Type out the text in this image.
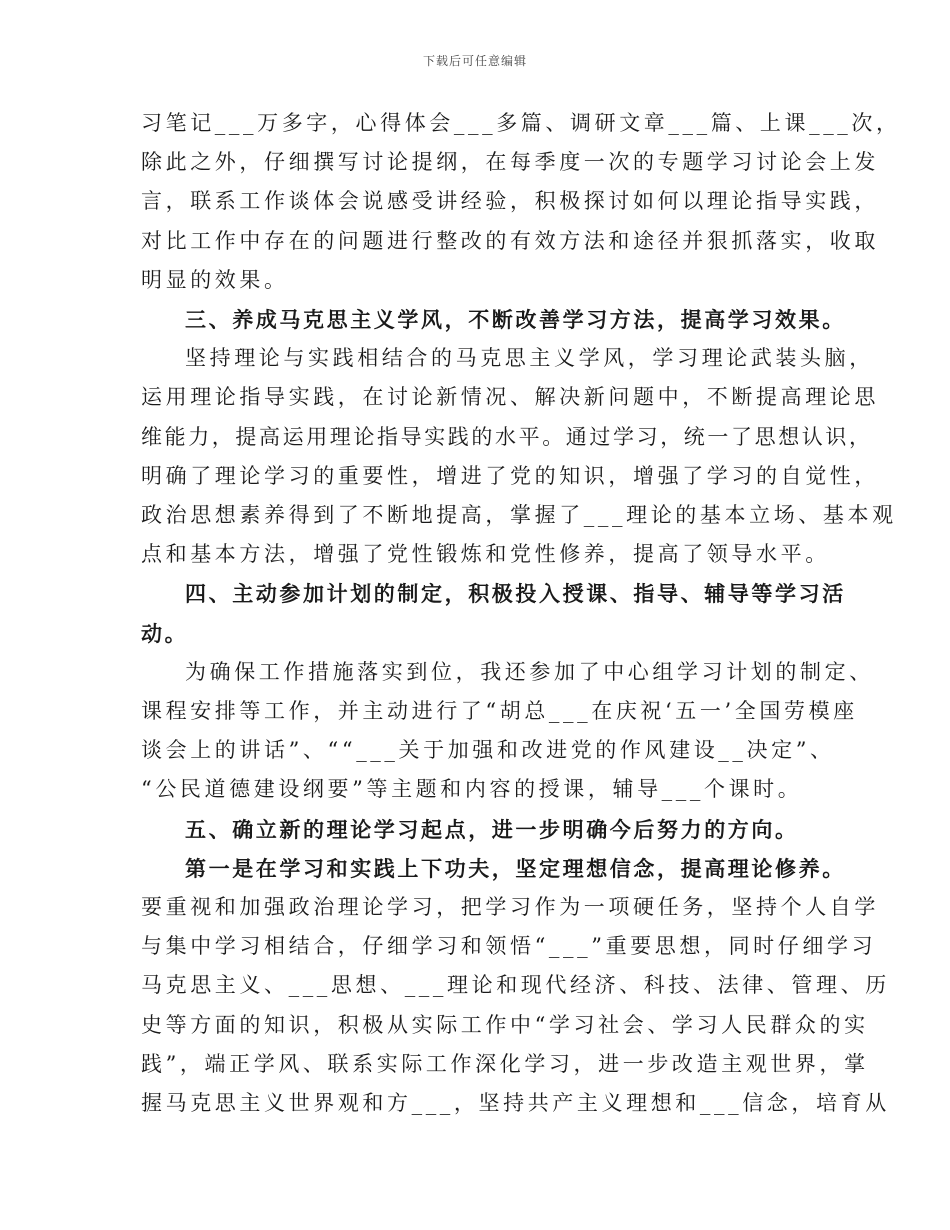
下载后可任意编辑
习笔记___万多字，心得体会___多篇、调研文章___篇、上课___次，
除此之外，仔细撰写讨论提纲，在每季度一次的专题学习讨论会上发
言，联系工作谈体会说感受讲经验，积极探讨如何以理论指导实践，
对比工作中存在的问题进行整改的有效方法和途径并狠抓落实，收取
明显的效果。
三、养成马克思主义学风，不断改善学习方法，提高学习效果。
坚持理论与实践相结合的马克思主义学风，学习理论武装头脑，
运用理论指导实践，在讨论新情况、解决新问题中，不断提高理论思
维能力，提高运用理论指导实践的水平。通过学习，统一了思想认识，
明确了理论学习的重要性，增进了党的知识，增强了学习的自觉性，
政治思想素养得到了不断地提高，掌握了___理论的基本立场、基本观
点和基本方法，增强了党性锻炼和党性修养，提高了领导水平。
四、主动参加计划的制定，积极投入授课、指导、辅导等学习活
动。
为确保工作措施落实到位，我还参加了中心组学习计划的制定、
课程安排等工作，并主动进行了“胡总___在庆祝‘五一’全国劳模座
谈会上的讲话”、““___关于加强和改进党的作风建设__决定”、
“公民道德建设纲要”等主题和内容的授课，辅导___个课时。
五、确立新的理论学习起点，进一步明确今后努力的方向。
第一是在学习和实践上下功夫，坚定理想信念，提高理论修养。
要重视和加强政治理论学习，把学习作为一项硬任务，坚持个人自学
与集中学习相结合，仔细学习和领悟“___”重要思想，同时仔细学习
马克思主义、___思想、___理论和现代经济、科技、法律、管理、历
史等方面的知识，积极从实际工作中“学习社会、学习人民群众的实
践”，端正学风、联系实际工作深化学习，进一步改造主观世界，掌
握马克思主义世界观和方___，坚持共产主义理想和___信念，培育从
